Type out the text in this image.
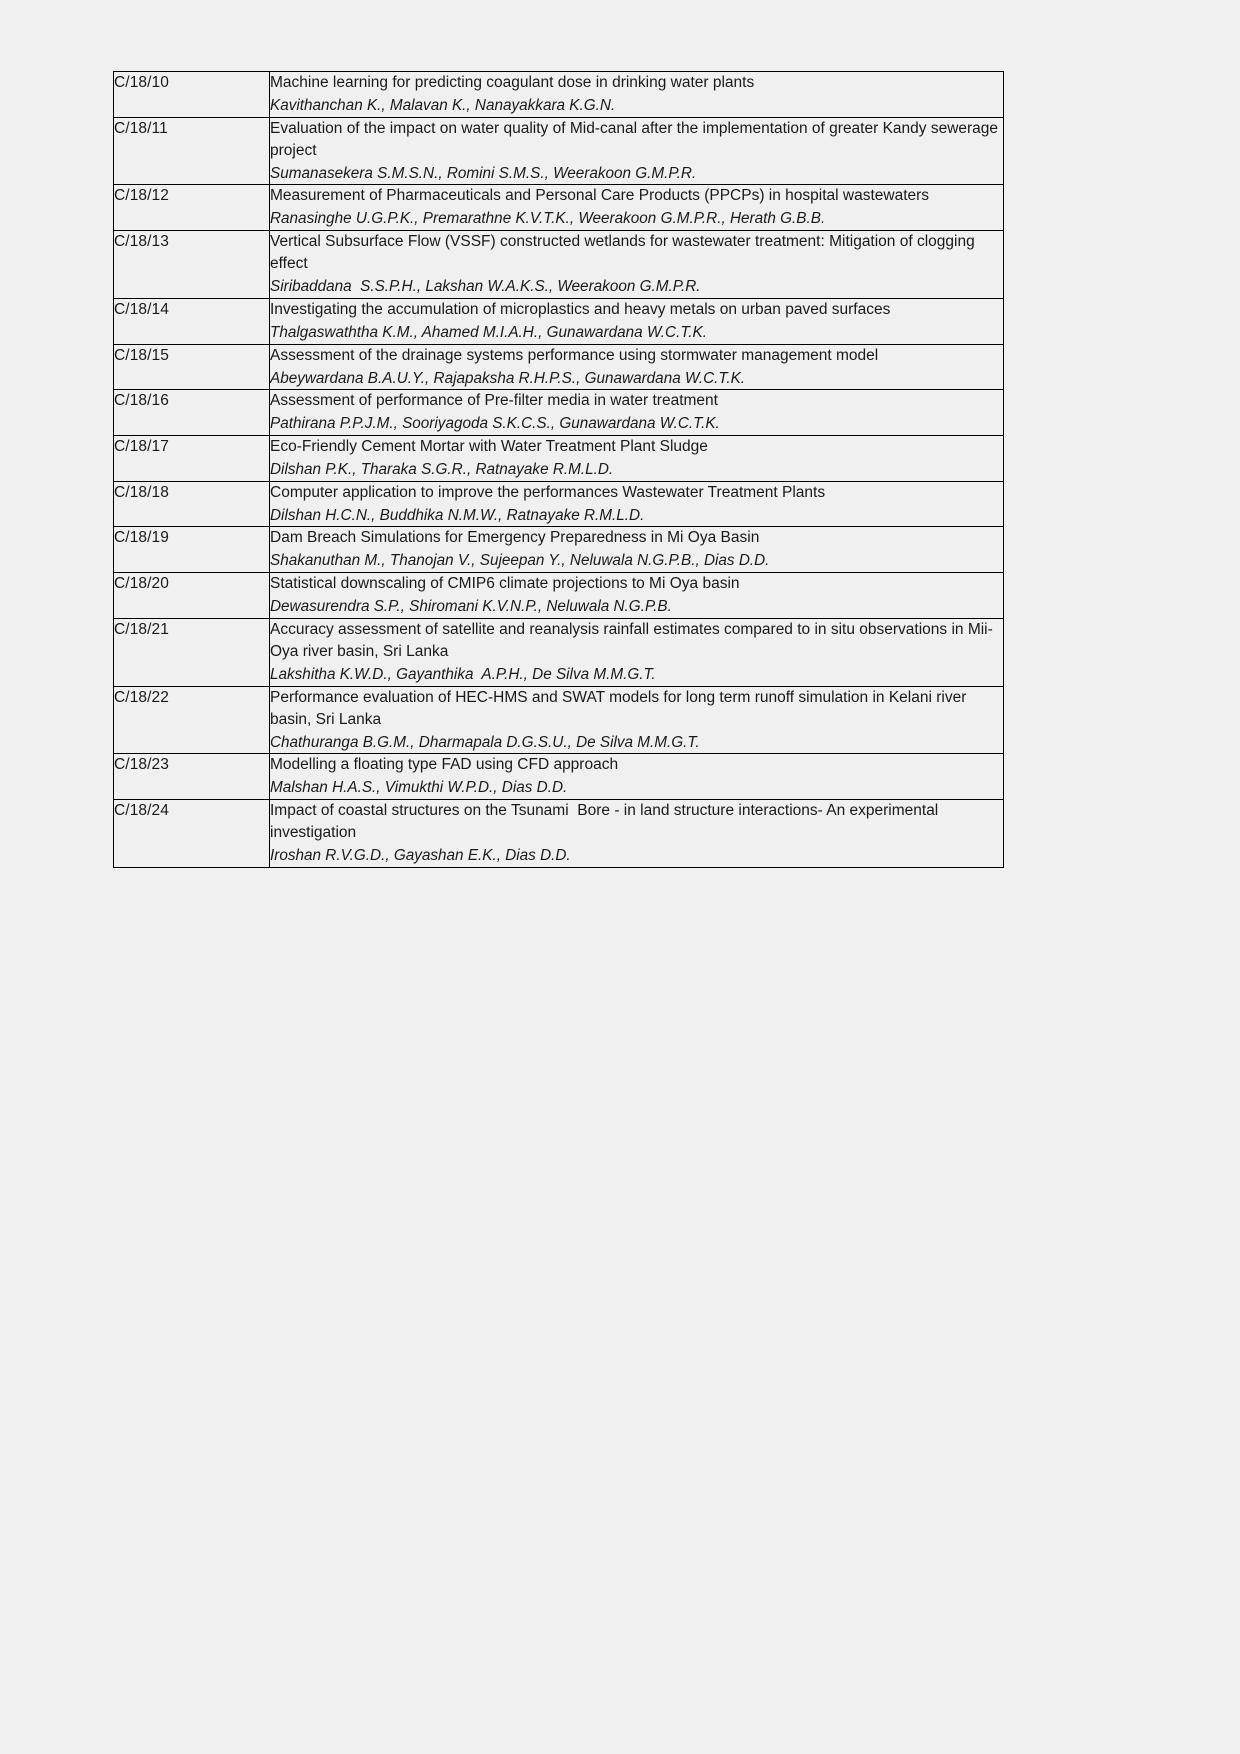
C/18/10	Machine learning for predicting coagulant dose in drinking water plants
Kavithanchan K., Malavan K., Nanayakkara K.G.N.

C/18/11	Evaluation of the impact on water quality of Mid-canal after the implementation of greater Kandy sewerage project
Sumanasekera S.M.S.N., Romini S.M.S., Weerakoon G.M.P.R.

C/18/12	Measurement of Pharmaceuticals and Personal Care Products (PPCPs) in hospital wastewaters
Ranasinghe U.G.P.K., Premarathne K.V.T.K., Weerakoon G.M.P.R., Herath G.B.B.

C/18/13	Vertical Subsurface Flow (VSSF) constructed wetlands for wastewater treatment: Mitigation of clogging effect
Siribaddana  S.S.P.H., Lakshan W.A.K.S., Weerakoon G.M.P.R.

C/18/14	Investigating the accumulation of microplastics and heavy metals on urban paved surfaces
Thalgaswaththa K.M., Ahamed M.I.A.H., Gunawardana W.C.T.K.

C/18/15	Assessment of the drainage systems performance using stormwater management model
Abeywardana B.A.U.Y., Rajapaksha R.H.P.S., Gunawardana W.C.T.K.

C/18/16	Assessment of performance of Pre-filter media in water treatment
Pathirana P.P.J.M., Sooriyagoda S.K.C.S., Gunawardana W.C.T.K.

C/18/17	Eco-Friendly Cement Mortar with Water Treatment Plant Sludge
Dilshan P.K., Tharaka S.G.R., Ratnayake R.M.L.D.

C/18/18	Computer application to improve the performances Wastewater Treatment Plants
Dilshan H.C.N., Buddhika N.M.W., Ratnayake R.M.L.D.

C/18/19	Dam Breach Simulations for Emergency Preparedness in Mi Oya Basin
Shakanuthan M., Thanojan V., Sujeepan Y., Neluwala N.G.P.B., Dias D.D.

C/18/20	Statistical downscaling of CMIP6 climate projections to Mi Oya basin
Dewasurendra S.P., Shiromani K.V.N.P., Neluwala N.G.P.B.

C/18/21	Accuracy assessment of satellite and reanalysis rainfall estimates compared to in situ observations in Mii-Oya river basin, Sri Lanka
Lakshitha K.W.D., Gayanthika  A.P.H., De Silva M.M.G.T.

C/18/22	Performance evaluation of HEC-HMS and SWAT models for long term runoff simulation in Kelani river basin, Sri Lanka
Chathuranga B.G.M., Dharmapala D.G.S.U., De Silva M.M.G.T.

C/18/23	Modelling a floating type FAD using CFD approach
Malshan H.A.S., Vimukthi W.P.D., Dias D.D.

C/18/24	Impact of coastal structures on the Tsunami  Bore - in land structure interactions- An experimental investigation
Iroshan R.V.G.D., Gayashan E.K., Dias D.D.
